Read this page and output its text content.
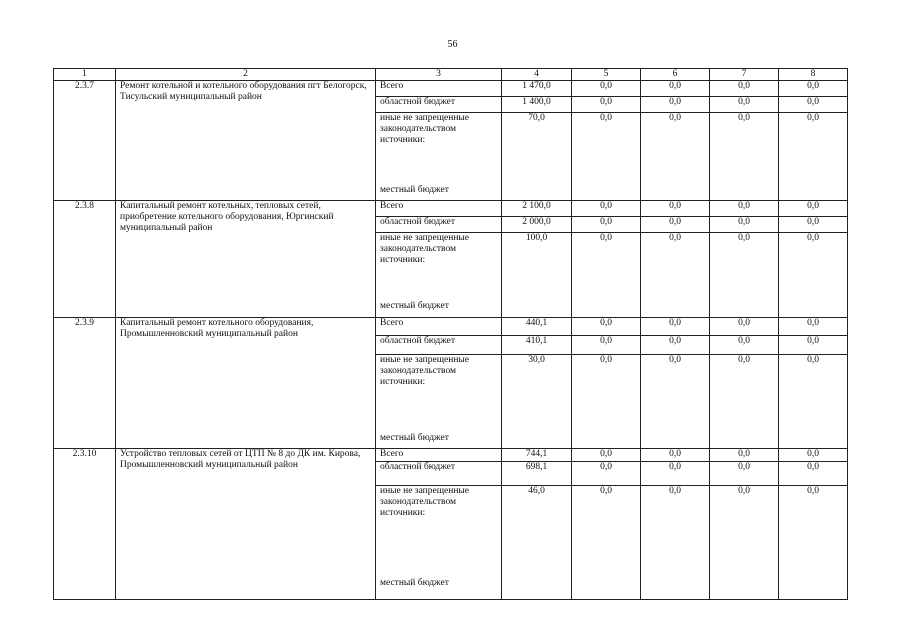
56
1	2	3	4	5	6	7	8
2.3.7	Ремонт котельной и котельного оборудования пгт Белогорск, Тисульский муниципальный район	Всего	1 470,0	0,0	0,0	0,0	0,0
		областной бюджет	1 400,0	0,0	0,0	0,0	0,0
		иные не запрещенные законодательством источники:	70,0	0,0	0,0	0,0	0,0
		местный бюджет					
2.3.8	Капитальный ремонт котельных, тепловых сетей, приобретение котельного оборудования, Юргинский муниципальный район	Всего	2 100,0	0,0	0,0	0,0	0,0
		областной бюджет	2 000,0	0,0	0,0	0,0	0,0
		иные не запрещенные законодательством источники:	100,0	0,0	0,0	0,0	0,0
		местный бюджет					
2.3.9	Капитальный ремонт котельного оборудования, Промышленновский муниципальный район	Всего	440,1	0,0	0,0	0,0	0,0
		областной бюджет	410,1	0,0	0,0	0,0	0,0
		иные не запрещенные законодательством источники:	30,0	0,0	0,0	0,0	0,0
		местный бюджет					
2.3.10	Устройство тепловых сетей от ЦТП № 8 до ДК им. Кирова, Промышленновский муниципальный район	Всего	744,1	0,0	0,0	0,0	0,0
		областной бюджет	698,1	0,0	0,0	0,0	0,0
		иные не запрещенные законодательством источники:	46,0	0,0	0,0	0,0	0,0
		местный бюджет					
